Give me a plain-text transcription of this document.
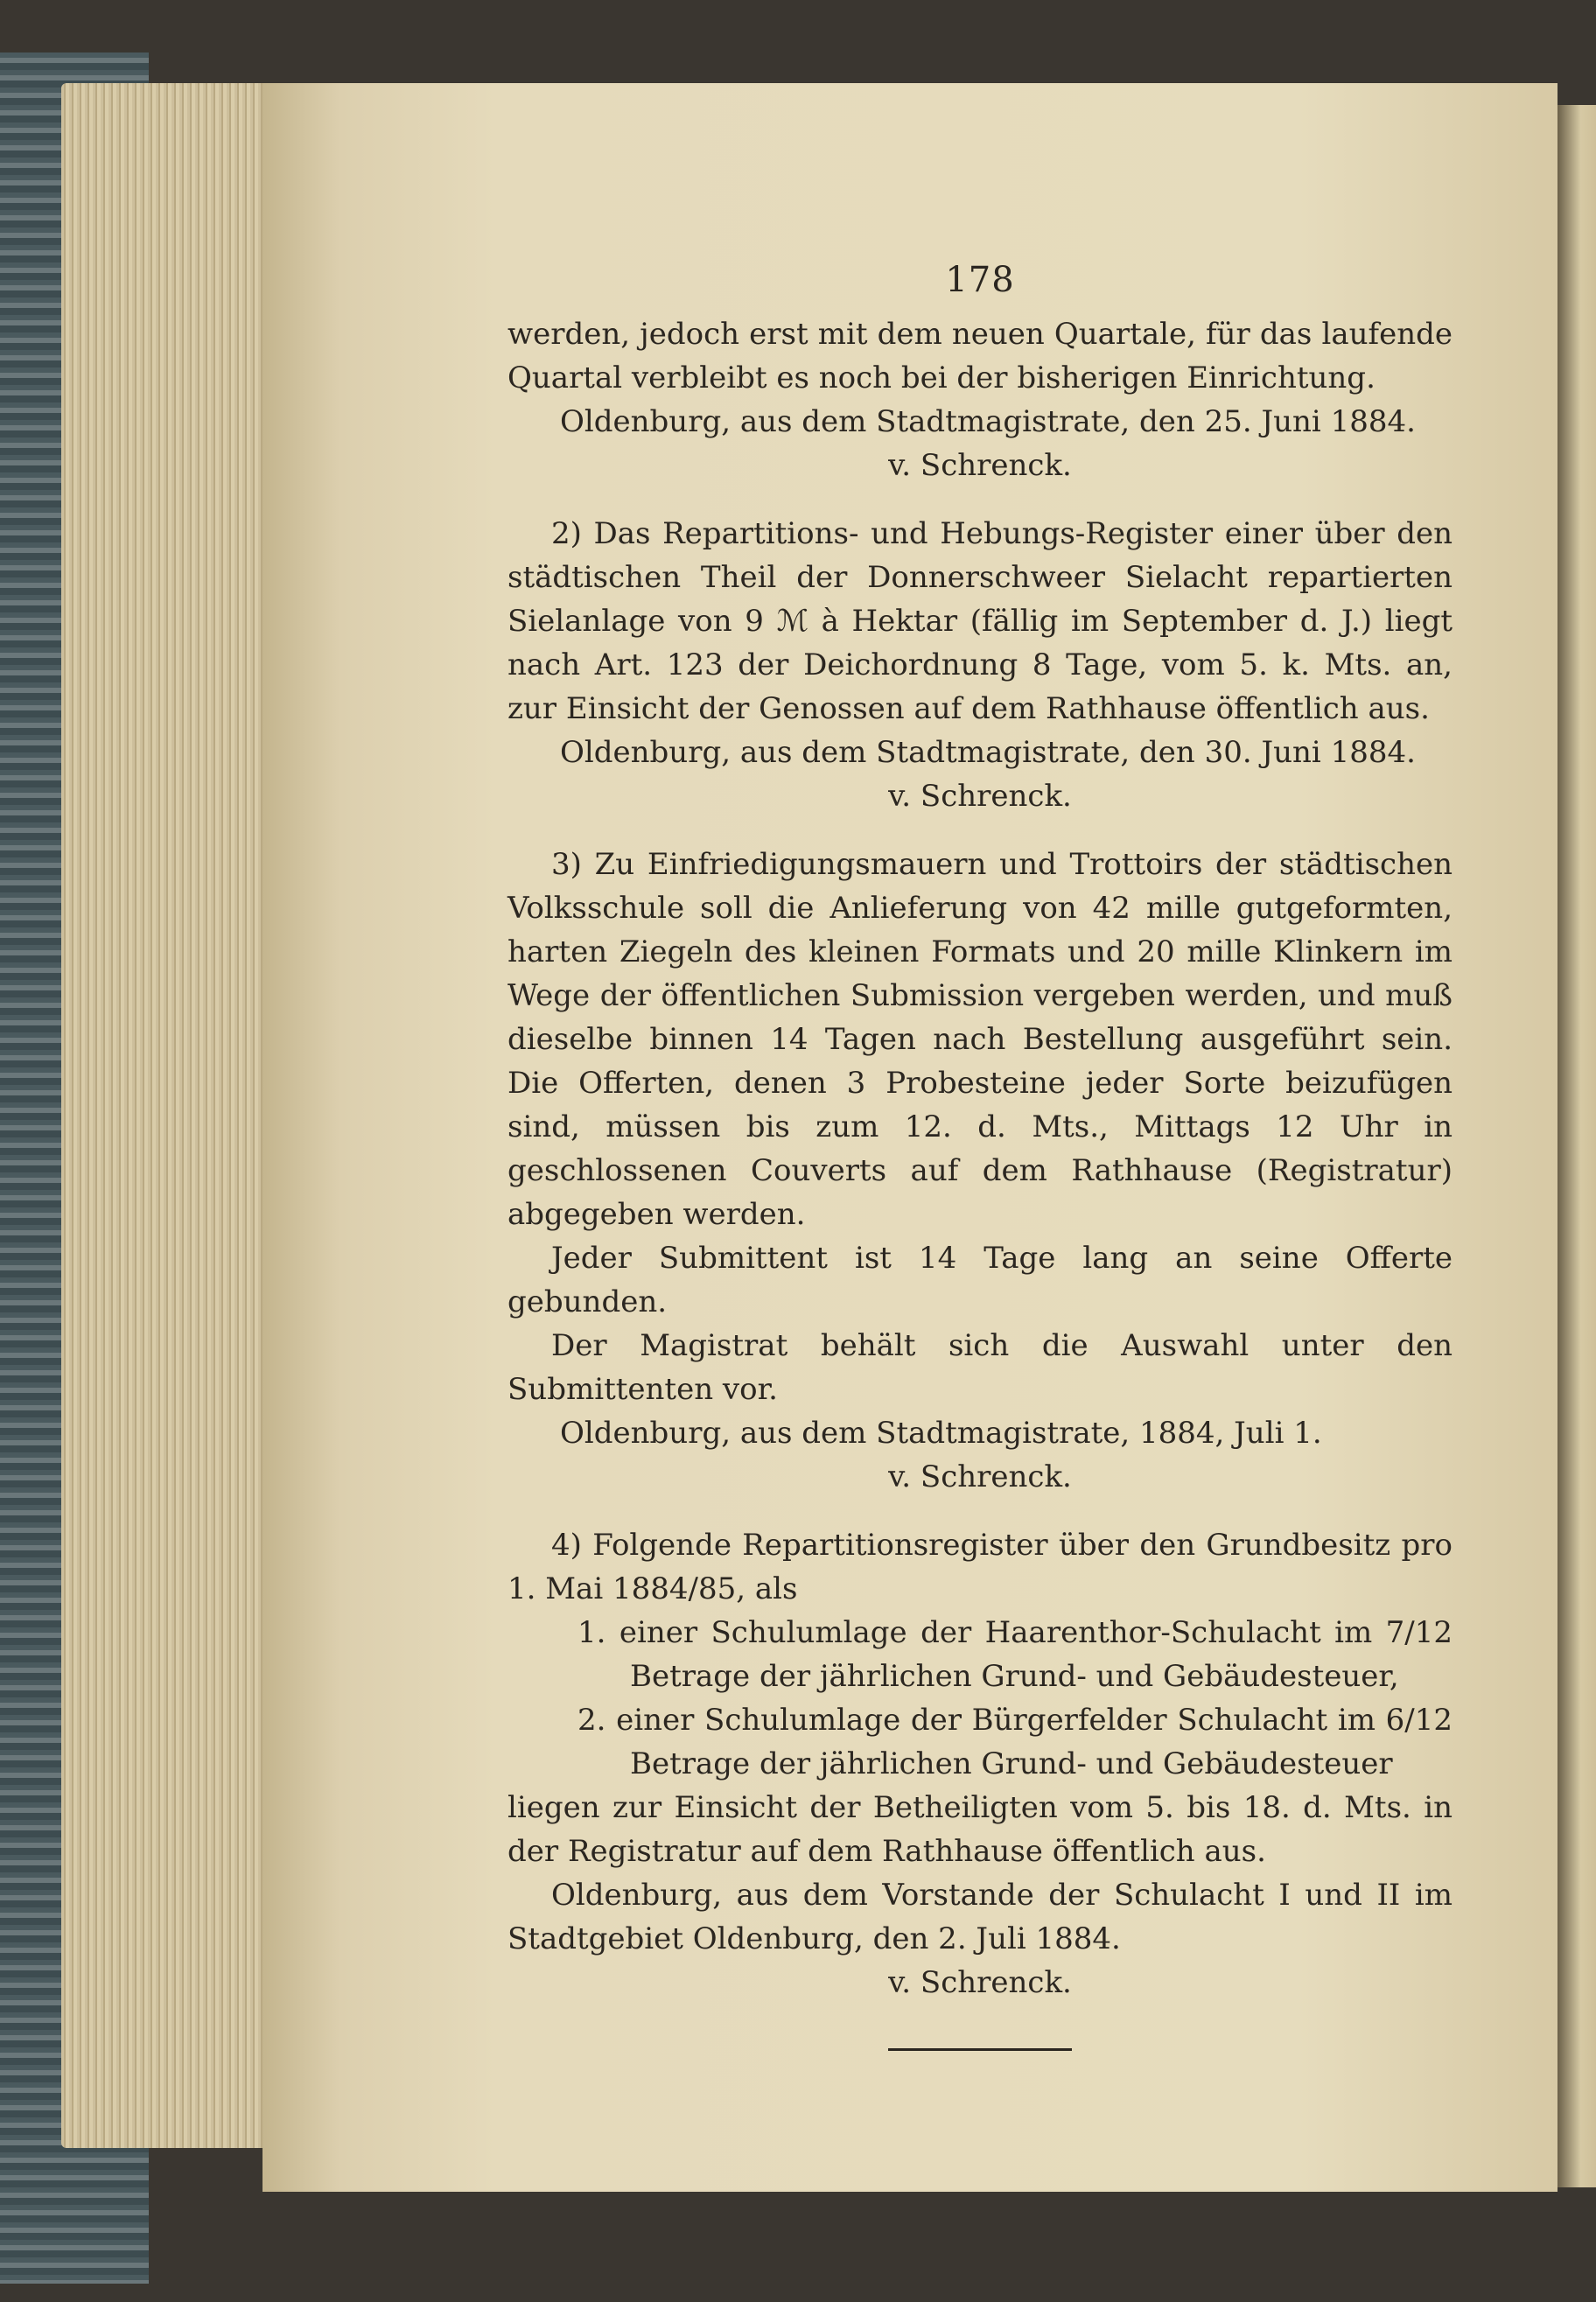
178

werden, jedoch erst mit dem neuen Quartale, für das laufende Quartal verbleibt es noch bei der bisherigen Einrichtung.

Oldenburg, aus dem Stadtmagistrate, den 25. Juni 1884.

v. Schrenck.

2) Das Repartitions- und Hebungs-Register einer über den städtischen Theil der Donnerschweer Sielacht repartierten Sielanlage von 9 ℳ à Hektar (fällig im September d. J.) liegt nach Art. 123 der Deichordnung 8 Tage, vom 5. k. Mts. an, zur Einsicht der Genossen auf dem Rathhause öffentlich aus.

Oldenburg, aus dem Stadtmagistrate, den 30. Juni 1884.

v. Schrenck.

3) Zu Einfriedigungsmauern und Trottoirs der städtischen Volksschule soll die Anlieferung von 42 mille gutgeformten, harten Ziegeln des kleinen Formats und 20 mille Klinkern im Wege der öffentlichen Submission vergeben werden, und muß dieselbe binnen 14 Tagen nach Bestellung ausgeführt sein. Die Offerten, denen 3 Probesteine jeder Sorte beizufügen sind, müssen bis zum 12. d. Mts., Mittags 12 Uhr in geschlossenen Couverts auf dem Rathhause (Registratur) abgegeben werden.

Jeder Submittent ist 14 Tage lang an seine Offerte gebunden.

Der Magistrat behält sich die Auswahl unter den Submittenten vor.

Oldenburg, aus dem Stadtmagistrate, 1884, Juli 1.

v. Schrenck.

4) Folgende Repartitionsregister über den Grundbesitz pro 1. Mai 1884/85, als

1. einer Schulumlage der Haarenthor-Schulacht im 7/12 Betrage der jährlichen Grund- und Gebäudesteuer,

2. einer Schulumlage der Bürgerfelder Schulacht im 6/12 Betrage der jährlichen Grund- und Gebäudesteuer

liegen zur Einsicht der Betheiligten vom 5. bis 18. d. Mts. in der Registratur auf dem Rathhause öffentlich aus.

Oldenburg, aus dem Vorstande der Schulacht I und II im Stadtgebiet Oldenburg, den 2. Juli 1884.

v. Schrenck.
